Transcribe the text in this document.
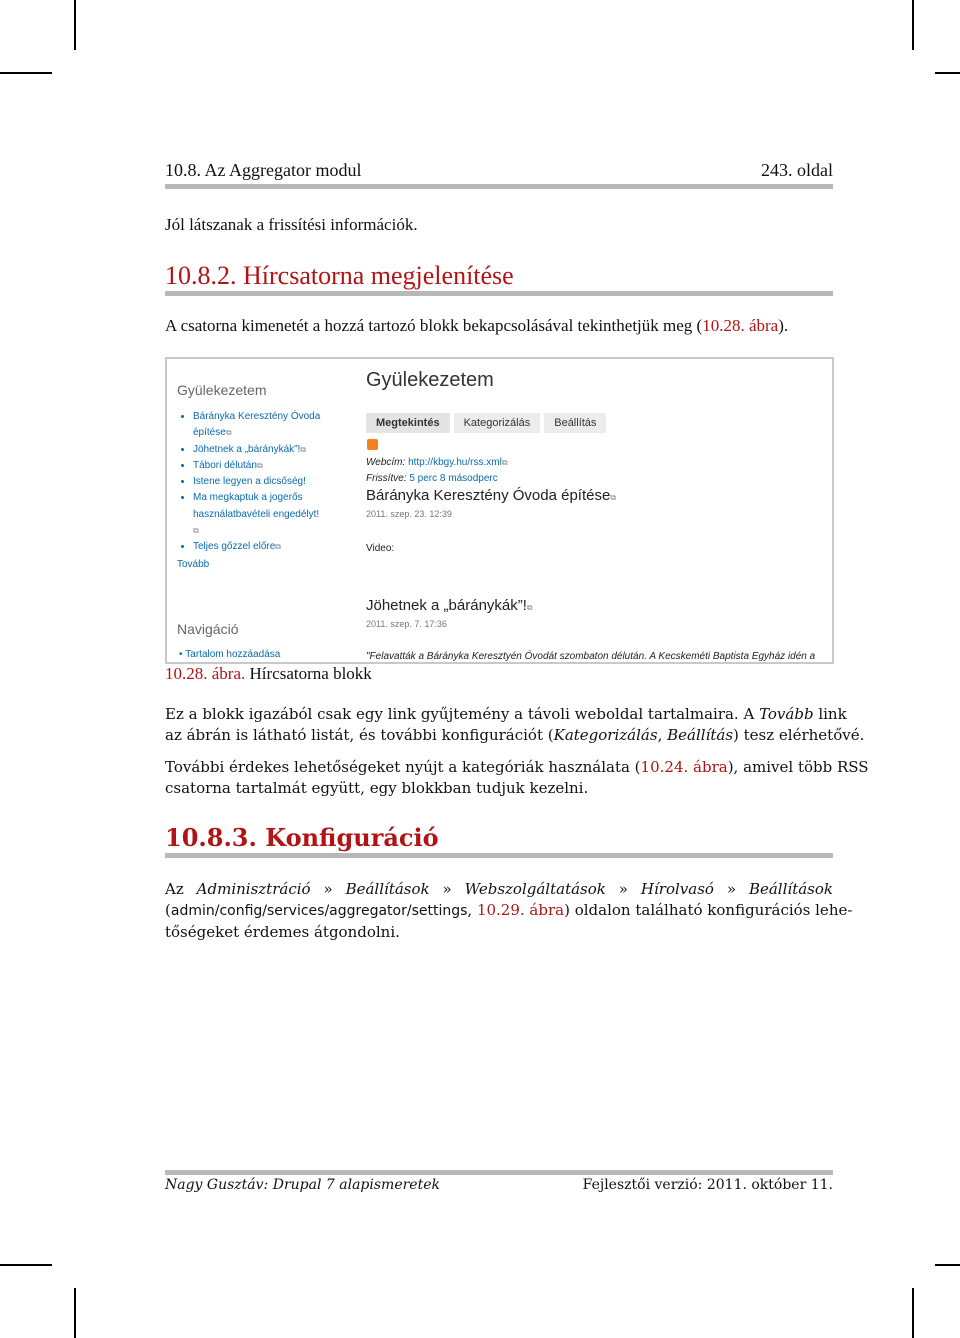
10.8. Az Aggregator modul	243. oldal
Jól látszanak a frissítési információk.
10.8.2. Hírcsatorna megjelenítése
A csatorna kimenetét a hozzá tartozó blokk bekapcsolásával tekinthetjük meg (10.28. ábra).
Gyülekezetem
• Bárányka Keresztény Óvoda építése⧉
• Jöhetnek a „báránykák”!⧉
• Tábori délután⧉
• Istene legyen a dicsőség!
• Ma megkaptuk a jogerős használatbavételi engedélyt!⧉
• Teljes gőzzel előre⧉
Tovább
Navigáció
• Tartalom hozzáadása
Gyülekezetem
Megtekintés	Kategorizálás	Beállítás
Webcím: http://kbgy.hu/rss.xml⧉
Frissítve: 5 perc 8 másodperc
Bárányka Keresztény Óvoda építése⧉
2011. szep. 23. 12:39
Video:
Jöhetnek a „báránykák”!⧉
2011. szep. 7. 17:36
"Felavatták a Bárányka Keresztyén Óvodát szombaton délután. A Kecskeméti Baptista Egyház idén a
10.28. ábra. Hírcsatorna blokk
Ez a blokk igazából csak egy link gyűjtemény a távoli weboldal tartalmaira. A Tovább link
az ábrán is látható listát, és további konfigurációt (Kategorizálás, Beállítás) tesz elérhetővé.
További érdekes lehetőségeket nyújt a kategóriák használata (10.24. ábra), amivel több RSS
csatorna tartalmát együtt, egy blokkban tudjuk kezelni.
10.8.3. Konfiguráció
Az Adminisztráció » Beállítások » Webszolgáltatások » Hírolvasó » Beállítások
(admin/config/services/aggregator/settings, 10.29. ábra) oldalon található konfigurációs lehe-
tőségeket érdemes átgondolni.
Nagy Gusztáv: Drupal 7 alapismeretek	Fejlesztői verzió: 2011. október 11.
